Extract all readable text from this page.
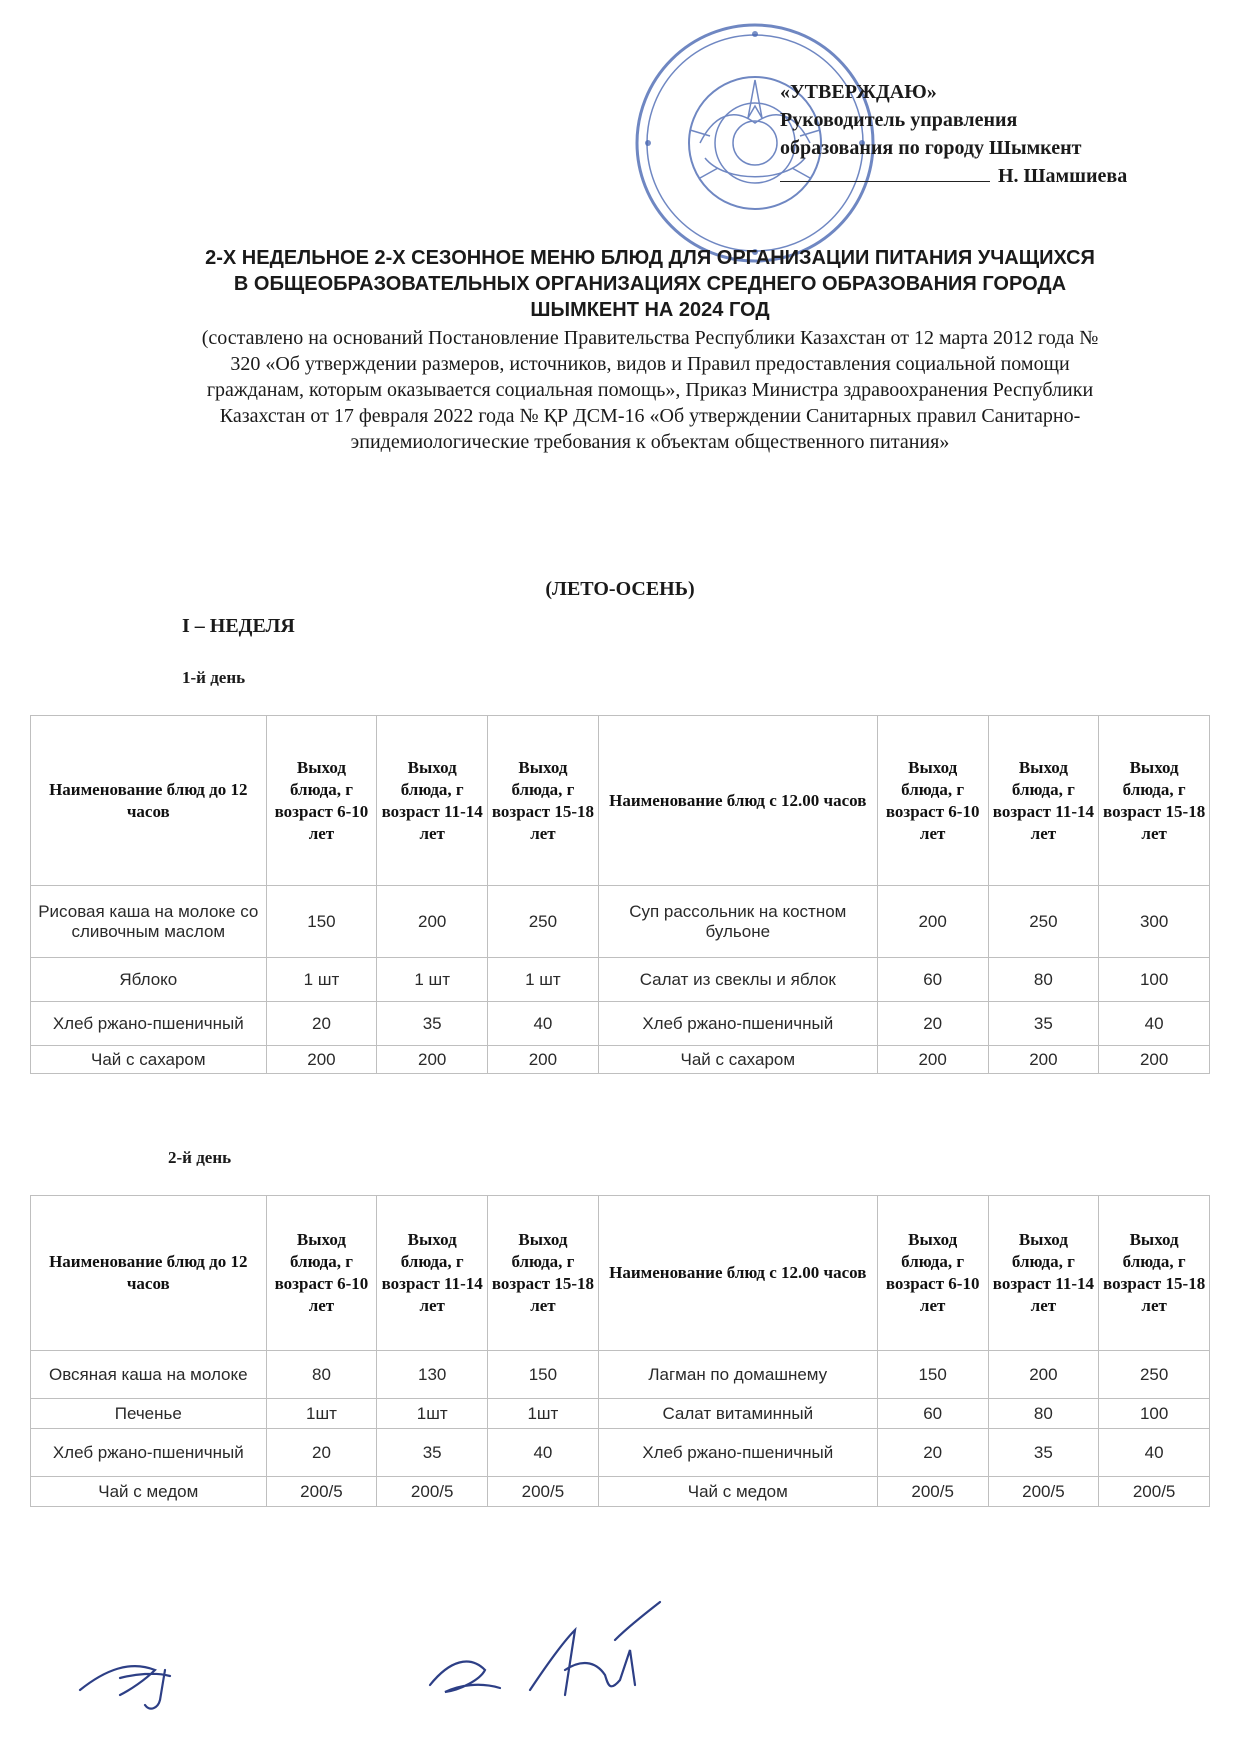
«УТВЕРЖДАЮ»
Руководитель управления
образования по городу Шымкент
Н. Шамшиева
2-Х НЕДЕЛЬНОЕ 2-Х СЕЗОННОЕ МЕНЮ БЛЮД ДЛЯ ОРГАНИЗАЦИИ ПИТАНИЯ УЧАЩИХСЯ В ОБЩЕОБРАЗОВАТЕЛЬНЫХ ОРГАНИЗАЦИЯХ СРЕДНЕГО ОБРАЗОВАНИЯ ГОРОДА ШЫМКЕНТ НА 2024 ГОД
(составлено на оснований Постановление Правительства Республики Казахстан от 12 марта 2012 года № 320 «Об утверждении размеров, источников, видов и Правил предоставления социальной помощи гражданам, которым оказывается социальная помощь», Приказ Министра здравоохранения Республики Казахстан от 17 февраля 2022 года № ҚР ДСМ-16 «Об утверждении Санитарных правил Санитарно-эпидемиологические требования к объектам общественного питания»
(ЛЕТО-ОСЕНЬ)
I – НЕДЕЛЯ
1-й день
Наименование блюд до 12 часов	Выход блюда, г возраст 6-10 лет	Выход блюда, г возраст 11-14 лет	Выход блюда, г возраст 15-18 лет	Наименование блюд с 12.00 часов	Выход блюда, г возраст 6-10 лет	Выход блюда, г возраст 11-14 лет	Выход блюда, г возраст 15-18 лет
Рисовая каша на молоке со сливочным маслом	150	200	250	Суп рассольник на костном бульоне	200	250	300
Яблоко	1 шт	1 шт	1 шт	Салат из свеклы и яблок	60	80	100
Хлеб ржано-пшеничный	20	35	40	Хлеб ржано-пшеничный	20	35	40
Чай с сахаром	200	200	200	Чай с сахаром	200	200	200
2-й день
Наименование блюд до 12 часов	Выход блюда, г возраст 6-10 лет	Выход блюда, г возраст 11-14 лет	Выход блюда, г возраст 15-18 лет	Наименование блюд с 12.00 часов	Выход блюда, г возраст 6-10 лет	Выход блюда, г возраст 11-14 лет	Выход блюда, г возраст 15-18 лет
Овсяная каша на молоке	80	130	150	Лагман по домашнему	150	200	250
Печенье	1шт	1шт	1шт	Салат витаминный	60	80	100
Хлеб ржано-пшеничный	20	35	40	Хлеб ржано-пшеничный	20	35	40
Чай с медом	200/5	200/5	200/5	Чай с медом	200/5	200/5	200/5
